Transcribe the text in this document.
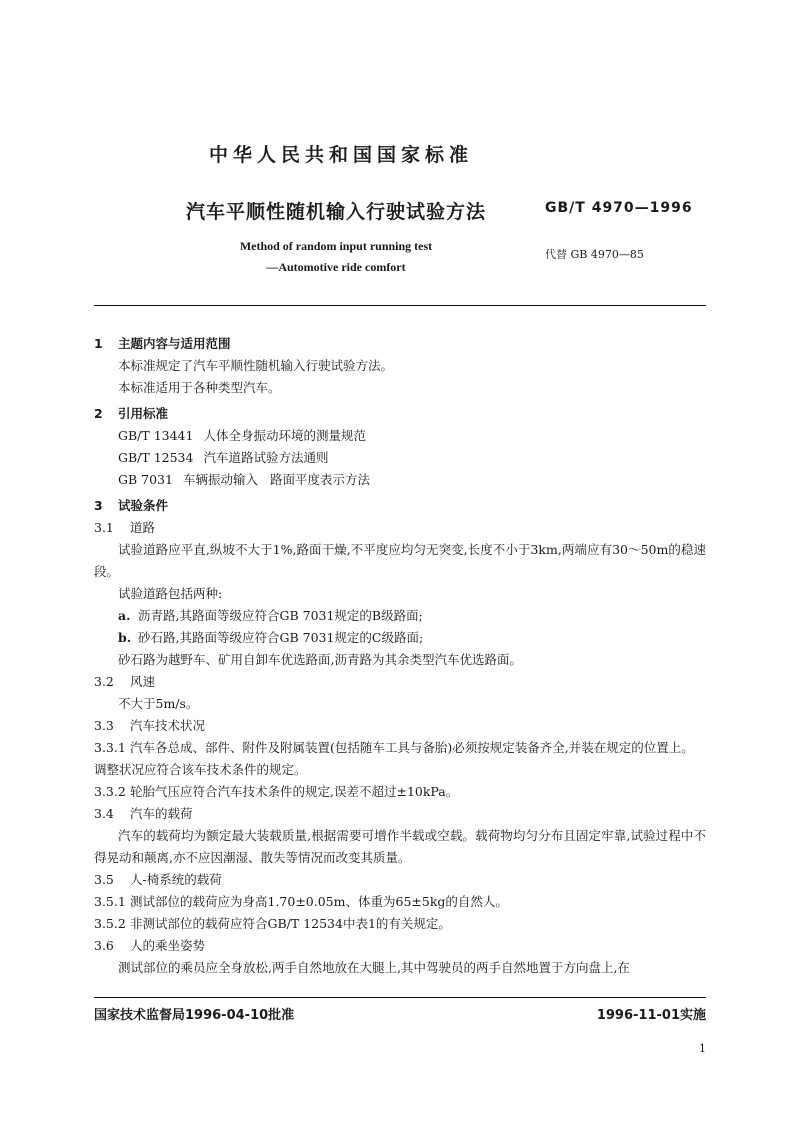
中华人民共和国国家标准
汽车平顺性随机输入行驶试验方法	GB/T 4970—1996
Method of random input running test
—Automotive ride comfort
代替 GB 4970—85
1 主题内容与适用范围
本标准规定了汽车平顺性随机输入行驶试验方法。
本标准适用于各种类型汽车。
2 引用标准
GB/T 13441 人体全身振动环境的测量规范
GB/T 12534 汽车道路试验方法通则
GB 7031 车辆振动输入 路面平度表示方法
3 试验条件
3.1 道路
试验道路应平直,纵坡不大于1%,路面干燥,不平度应均匀无突变,长度不小于3km,两端应有30～50m的稳速段。
试验道路包括两种:
a. 沥青路,其路面等级应符合GB 7031规定的B级路面;
b. 砂石路,其路面等级应符合GB 7031规定的C级路面;
砂石路为越野车、矿用自卸车优选路面,沥青路为其余类型汽车优选路面。
3.2 风速
不大于5m/s。
3.3 汽车技术状况
3.3.1 汽车各总成、部件、附件及附属装置(包括随车工具与备胎)必须按规定装备齐全,并装在规定的位置上。调整状况应符合该车技术条件的规定。
3.3.2 轮胎气压应符合汽车技术条件的规定,误差不超过±10kPa。
3.4 汽车的载荷
汽车的载荷均为额定最大装载质量,根据需要可增作半载或空载。载荷物均匀分布且固定牢靠,试验过程中不得晃动和颠离,亦不应因潮湿、散失等情况而改变其质量。
3.5 人-椅系统的载荷
3.5.1 测试部位的载荷应为身高1.70±0.05m、体重为65±5kg的自然人。
3.5.2 非测试部位的载荷应符合GB/T 12534中表1的有关规定。
3.6 人的乘坐姿势
测试部位的乘员应全身放松,两手自然地放在大腿上,其中驾驶员的两手自然地置于方向盘上,在
国家技术监督局1996-04-10批准	1996-11-01实施
1
